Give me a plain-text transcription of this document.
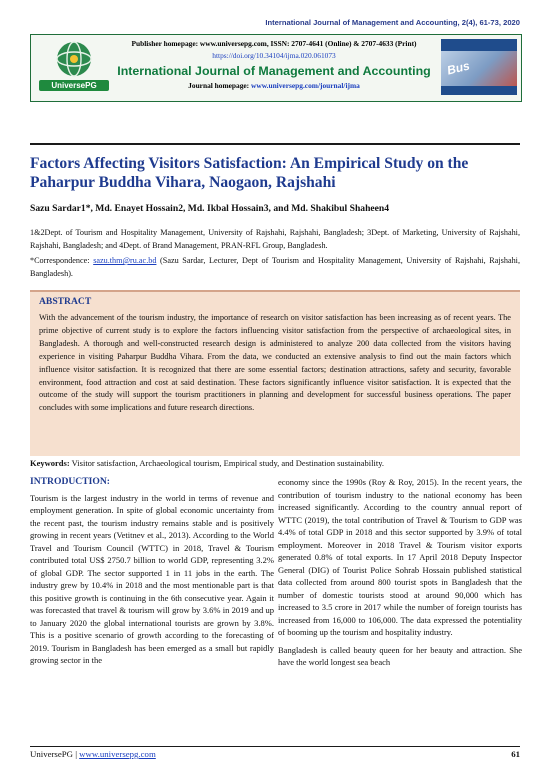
International Journal of Management and Accounting, 2(4), 61-73, 2020
UniversePG
Publisher homepage: www.universepg.com, ISSN: 2707-4641 (Online) & 2707-4633 (Print)
https://doi.org/10.34104/ijma.020.061073
International Journal of Management and Accounting
Journal homepage: www.universepg.com/journal/ijma
Bus
Factors Affecting Visitors Satisfaction: An Empirical Study on the Paharpur Buddha Vihara, Naogaon, Rajshahi

Sazu Sardar1*, Md. Enayet Hossain2, Md. Ikbal Hossain3, and Md. Shakibul Shaheen4

1&2Dept. of Tourism and Hospitality Management, University of Rajshahi, Rajshahi, Bangladesh; 3Dept. of Marketing, University of Rajshahi, Rajshahi, Bangladesh; and 4Dept. of Brand Management, PRAN-RFL Group, Bangladesh.

*Correspondence: sazu.thm@ru.ac.bd (Sazu Sardar, Lecturer, Dept of Tourism and Hospitality Management, University of Rajshahi, Rajshahi, Bangladesh).

ABSTRACT

With the advancement of the tourism industry, the importance of research on visitor satisfaction has been increasing as of recent years. The prime objective of current study is to explore the factors influencing visitor satisfaction from the perspective of archaeological sites, in Bangladesh. A thorough and well-constructed research design is administered to analyze 200 data collected from the visitors having experience in visiting Paharpur Buddha Vihara. From the data, we conducted an extensive analysis to find out the main factors which influence visitor satisfaction. It is recognized that there are some essential factors; destination attractions, safety and security, favorable environment, food attraction and cost at said destination. These factors significantly influence visitor satisfaction. It is expected that the outcome of the study will support the tourism practitioners in planning and development for successful business operations. The paper concludes with some implications and future research directions.

Keywords: Visitor satisfaction, Archaeological tourism, Empirical study, and Destination sustainability.

INTRODUCTION:

Tourism is the largest industry in the world in terms of revenue and employment generation. In spite of global economic uncertainty from the recent past, the tourism industry remains stable and is positively growing in recent years (Vetitnev et al., 2013). According to the World Travel and Tourism Council (WTTC) in 2018, Travel & Tourism contributed total US$ 2750.7 billion to world GDP, representing 3.2% of global GDP. The sector supported 1 in 11 jobs in the earth. The industry grew by 10.4% in 2018 and the most mentionable part is that this positive growth is continuing in the 6th consecutive year. Again it was forecasted that travel & tourism will grow by 3.6% in 2019 and up to January 2020 the global international tourists are grown by 3.8%. This is a positive scenario of growth according to the forecasting of 2019. Tourism in Bangladesh has been emerged as a small but rapidly growing sector in the

economy since the 1990s (Roy & Roy, 2015). In the recent years, the contribution of tourism industry to the national economy has been increased significantly. According to the country annual report of WTTC (2019), the total contribution of Travel & Tourism to GDP was 4.4% of total GDP in 2018 and this sector supported by 3.9% of total employment. Moreover in 2018 Travel & Tourism visitor exports generated 0.8% of total exports. In 17 April 2018 Deputy Inspector General (DIG) of Tourist Police Sohrab Hossain published statistical data collected from around 800 tourist spots in Bangladesh that the number of domestic tourists stood at around 90,000 which has increased to 3.5 crore in 2017 while the number of foreign tourists has increased from 16,000 to 106,000. The data expressed the potentiality of booming up the tourism and hospitality industry.

Bangladesh is called beauty queen for her beauty and attraction. She have the world longest sea beach

UniversePG | www.universepg.com	61
